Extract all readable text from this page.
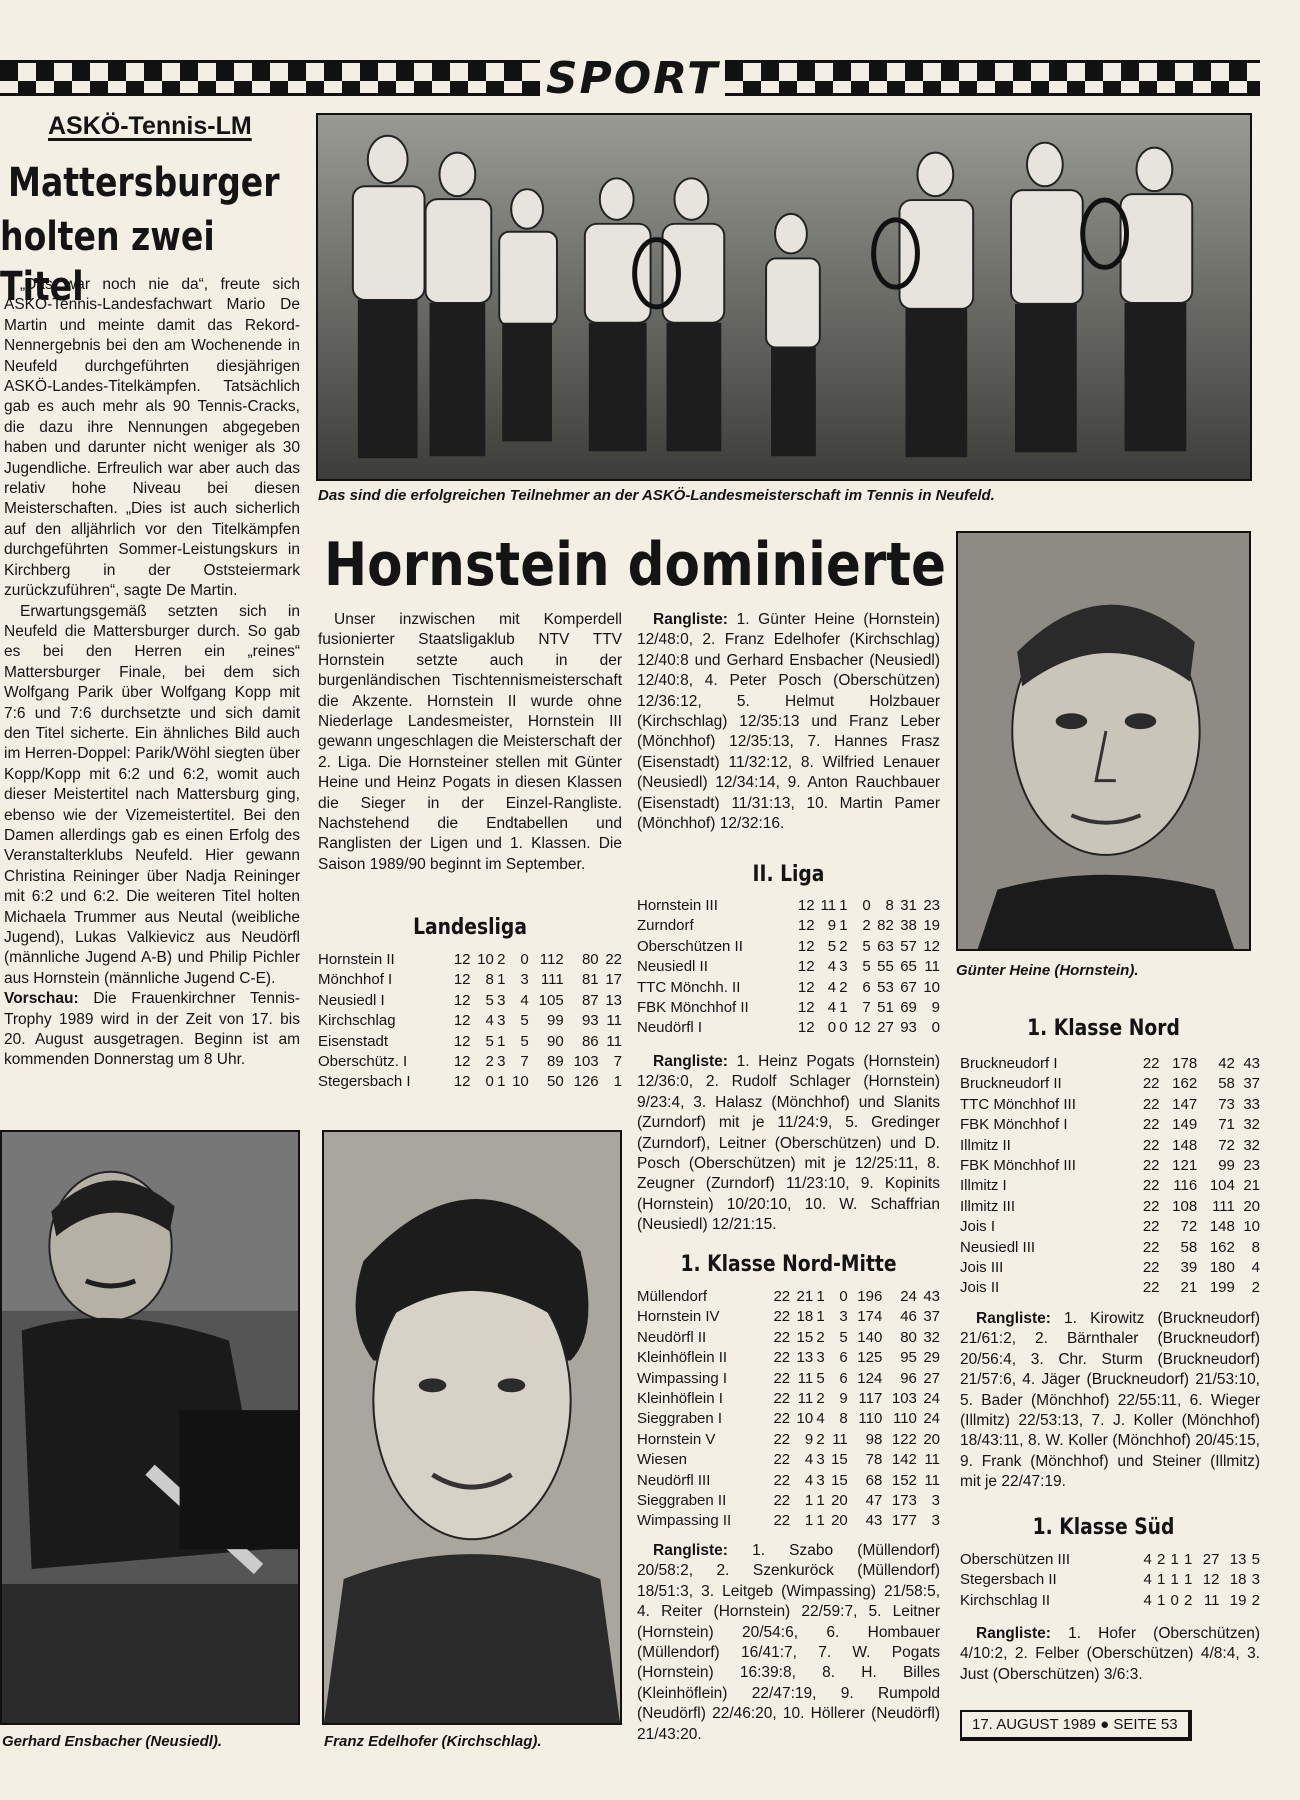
SPORT
ASKÖ-Tennis-LM
Mattersburger
holten zwei Titel

„Das war noch nie da“, freute sich ASKÖ-Tennis-Landesfachwart Mario De Martin und meinte damit das Rekord-Nennergebnis bei den am Wochenende in Neufeld durchgeführten diesjährigen ASKÖ-Landes-Titelkämpfen. Tatsächlich gab es auch mehr als 90 Tennis-Cracks, die dazu ihre Nennungen abgegeben haben und darunter nicht weniger als 30 Jugendliche. Erfreulich war aber auch das relativ hohe Niveau bei diesen Meisterschaften. „Dies ist auch sicherlich auf den alljährlich vor den Titelkämpfen durchgeführten Sommer-Leistungskurs in Kirchberg in der Oststeiermark zurückzuführen“, sagte De Martin.

Erwartungsgemäß setzten sich in Neufeld die Mattersburger durch. So gab es bei den Herren ein „reines“ Mattersburger Finale, bei dem sich Wolfgang Parik über Wolfgang Kopp mit 7:6 und 7:6 durchsetzte und sich damit den Titel sicherte. Ein ähnliches Bild auch im Herren-Doppel: Parik/Wöhl siegten über Kopp/Kopp mit 6:2 und 6:2, womit auch dieser Meistertitel nach Mattersburg ging, ebenso wie der Vizemeistertitel. Bei den Damen allerdings gab es einen Erfolg des Veranstalterklubs Neufeld. Hier gewann Christina Reininger über Nadja Reininger mit 6:2 und 6:2. Die weiteren Titel holten Michaela Trummer aus Neutal (weibliche Jugend), Lukas Valkievicz aus Neudörfl (männliche Jugend A-B) und Philip Pichler aus Hornstein (männliche Jugend C-E).

Vorschau: Die Frauenkirchner Tennis-Trophy 1989 wird in der Zeit von 17. bis 20. August ausgetragen. Beginn ist am kommenden Donnerstag um 8 Uhr.

Das sind die erfolgreichen Teilnehmer an der ASKÖ-Landesmeisterschaft im Tennis in Neufeld.
Hornstein dominierte
Unser inzwischen mit Komperdell fusionierter Staatsligaklub NTV TTV Hornstein setzte auch in der burgenländischen Tischtennismeisterschaft die Akzente. Hornstein II wurde ohne Niederlage Landesmeister, Hornstein III gewann ungeschlagen die Meisterschaft der 2. Liga. Die Hornsteiner stellen mit Günter Heine und Heinz Pogats in diesen Klassen die Sieger in der Einzel-Rangliste. Nachstehend die Endtabellen und Ranglisten der Ligen und 1. Klassen. Die Saison 1989/90 beginnt im September.
Landesliga
Hornstein II	12	10	2	0	112	80	22
Mönchhof I	12	8	1	3	111	81	17
Neusiedl I	12	5	3	4	105	87	13
Kirchschlag	12	4	3	5	99	93	11
Eisenstadt	12	5	1	5	90	86	11
Oberschütz. I	12	2	3	7	89	103	7
Stegersbach I	12	0	1	10	50	126	1
Rangliste: 1. Günter Heine (Hornstein) 12/48:0, 2. Franz Edelhofer (Kirchschlag) 12/40:8 und Gerhard Ensbacher (Neusiedl) 12/40:8, 4. Peter Posch (Oberschützen) 12/36:12, 5. Helmut Holzbauer (Kirchschlag) 12/35:13 und Franz Leber (Mönchhof) 12/35:13, 7. Hannes Frasz (Eisenstadt) 11/32:12, 8. Wilfried Lenauer (Neusiedl) 12/34:14, 9. Anton Rauchbauer (Eisenstadt) 11/31:13, 10. Martin Pamer (Mönchhof) 12/32:16.
II. Liga
Hornstein III	12	11	1	0	8	31	23
Zurndorf	12	9	1	2	82	38	19
Oberschützen II	12	5	2	5	63	57	12
Neusiedl II	12	4	3	5	55	65	11
TTC Mönchh. II	12	4	2	6	53	67	10
FBK Mönchhof II	12	4	1	7	51	69	9
Neudörfl I	12	0	0	12	27	93	0
Rangliste: 1. Heinz Pogats (Hornstein) 12/36:0, 2. Rudolf Schlager (Hornstein) 9/23:4, 3. Halasz (Mönchhof) und Slanits (Zurndorf) mit je 11/24:9, 5. Gredinger (Zurndorf), Leitner (Oberschützen) und D. Posch (Oberschützen) mit je 12/25:11, 8. Zeugner (Zurndorf) 11/23:10, 9. Kopinits (Hornstein) 10/20:10, 10. W. Schaffrian (Neusiedl) 12/21:15.
1. Klasse Nord-Mitte
Müllendorf	22	21	1	0	196	24	43
Hornstein IV	22	18	1	3	174	46	37
Neudörfl II	22	15	2	5	140	80	32
Kleinhöflein II	22	13	3	6	125	95	29
Wimpassing I	22	11	5	6	124	96	27
Kleinhöflein I	22	11	2	9	117	103	24
Sieggraben I	22	10	4	8	110	110	24
Hornstein V	22	9	2	11	98	122	20
Wiesen	22	4	3	15	78	142	11
Neudörfl III	22	4	3	15	68	152	11
Sieggraben II	22	1	1	20	47	173	3
Wimpassing II	22	1	1	20	43	177	3
Rangliste: 1. Szabo (Müllendorf) 20/58:2, 2. Szenkuröck (Müllendorf) 18/51:3, 3. Leitgeb (Wimpassing) 21/58:5, 4. Reiter (Hornstein) 22/59:7, 5. Leitner (Hornstein) 20/54:6, 6. Hombauer (Müllendorf) 16/41:7, 7. W. Pogats (Hornstein) 16:39:8, 8. H. Billes (Kleinhöflein) 22/47:19, 9. Rumpold (Neudörfl) 22/46:20, 10. Höllerer (Neudörfl) 21/43:20.
Günter Heine (Hornstein).
1. Klasse Nord
Bruckneudorf I	22	178	42	43
Bruckneudorf II	22	162	58	37
TTC Mönchhof III	22	147	73	33
FBK Mönchhof I	22	149	71	32
Illmitz II	22	148	72	32
FBK Mönchhof III	22	121	99	23
Illmitz I	22	116	104	21
Illmitz III	22	108	111	20
Jois I	22	72	148	10
Neusiedl III	22	58	162	8
Jois III	22	39	180	4
Jois II	22	21	199	2
Rangliste: 1. Kirowitz (Bruckneudorf) 21/61:2, 2. Bärnthaler (Bruckneudorf) 20/56:4, 3. Chr. Sturm (Bruckneudorf) 21/57:6, 4. Jäger (Bruckneudorf) 21/53:10, 5. Bader (Mönchhof) 22/55:11, 6. Wieger (Illmitz) 22/53:13, 7. J. Koller (Mönchhof) 18/43:11, 8. W. Koller (Mönchhof) 20/45:15, 9. Frank (Mönchhof) und Steiner (Illmitz) mit je 22/47:19.
1. Klasse Süd
Oberschützen III	4	2	1	1	27	13	5
Stegersbach II	4	1	1	1	12	18	3
Kirchschlag II	4	1	0	2	11	19	2
Rangliste: 1. Hofer (Oberschützen) 4/10:2, 2. Felber (Oberschützen) 4/8:4, 3. Just (Oberschützen) 3/6:3.
17. AUGUST 1989 ● SEITE 53
Gerhard Ensbacher (Neusiedl).	Franz Edelhofer (Kirchschlag).
